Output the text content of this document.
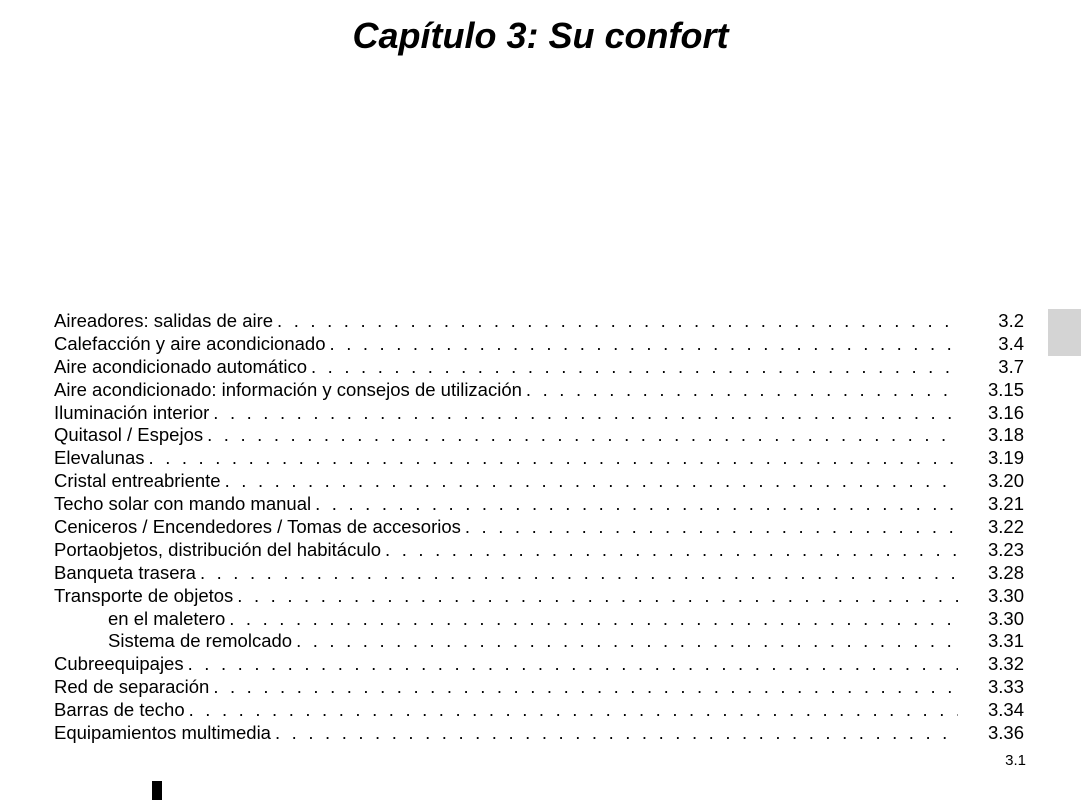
Capítulo 3: Su confort
Aireadores: salidas de aire . . .	3.2
Calefacción y aire acondicionado . . .	3.4
Aire acondicionado automático . . .	3.7
Aire acondicionado: información y consejos de utilización . . .	3.15
Iluminación interior . . .	3.16
Quitasol / Espejos . . .	3.18
Elevalunas . . .	3.19
Cristal entreabriente . . .	3.20
Techo solar con mando manual . . .	3.21
Ceniceros / Encendedores / Tomas de accesorios . . .	3.22
Portaobjetos, distribución del habitáculo . . .	3.23
Banqueta trasera . . .	3.28
Transporte de objetos . . .	3.30
en el maletero . . .	3.30
Sistema de remolcado . . .	3.31
Cubreequipajes . . .	3.32
Red de separación . . .	3.33
Barras de techo . . .	3.34
Equipamientos multimedia . . .	3.36
3.1
